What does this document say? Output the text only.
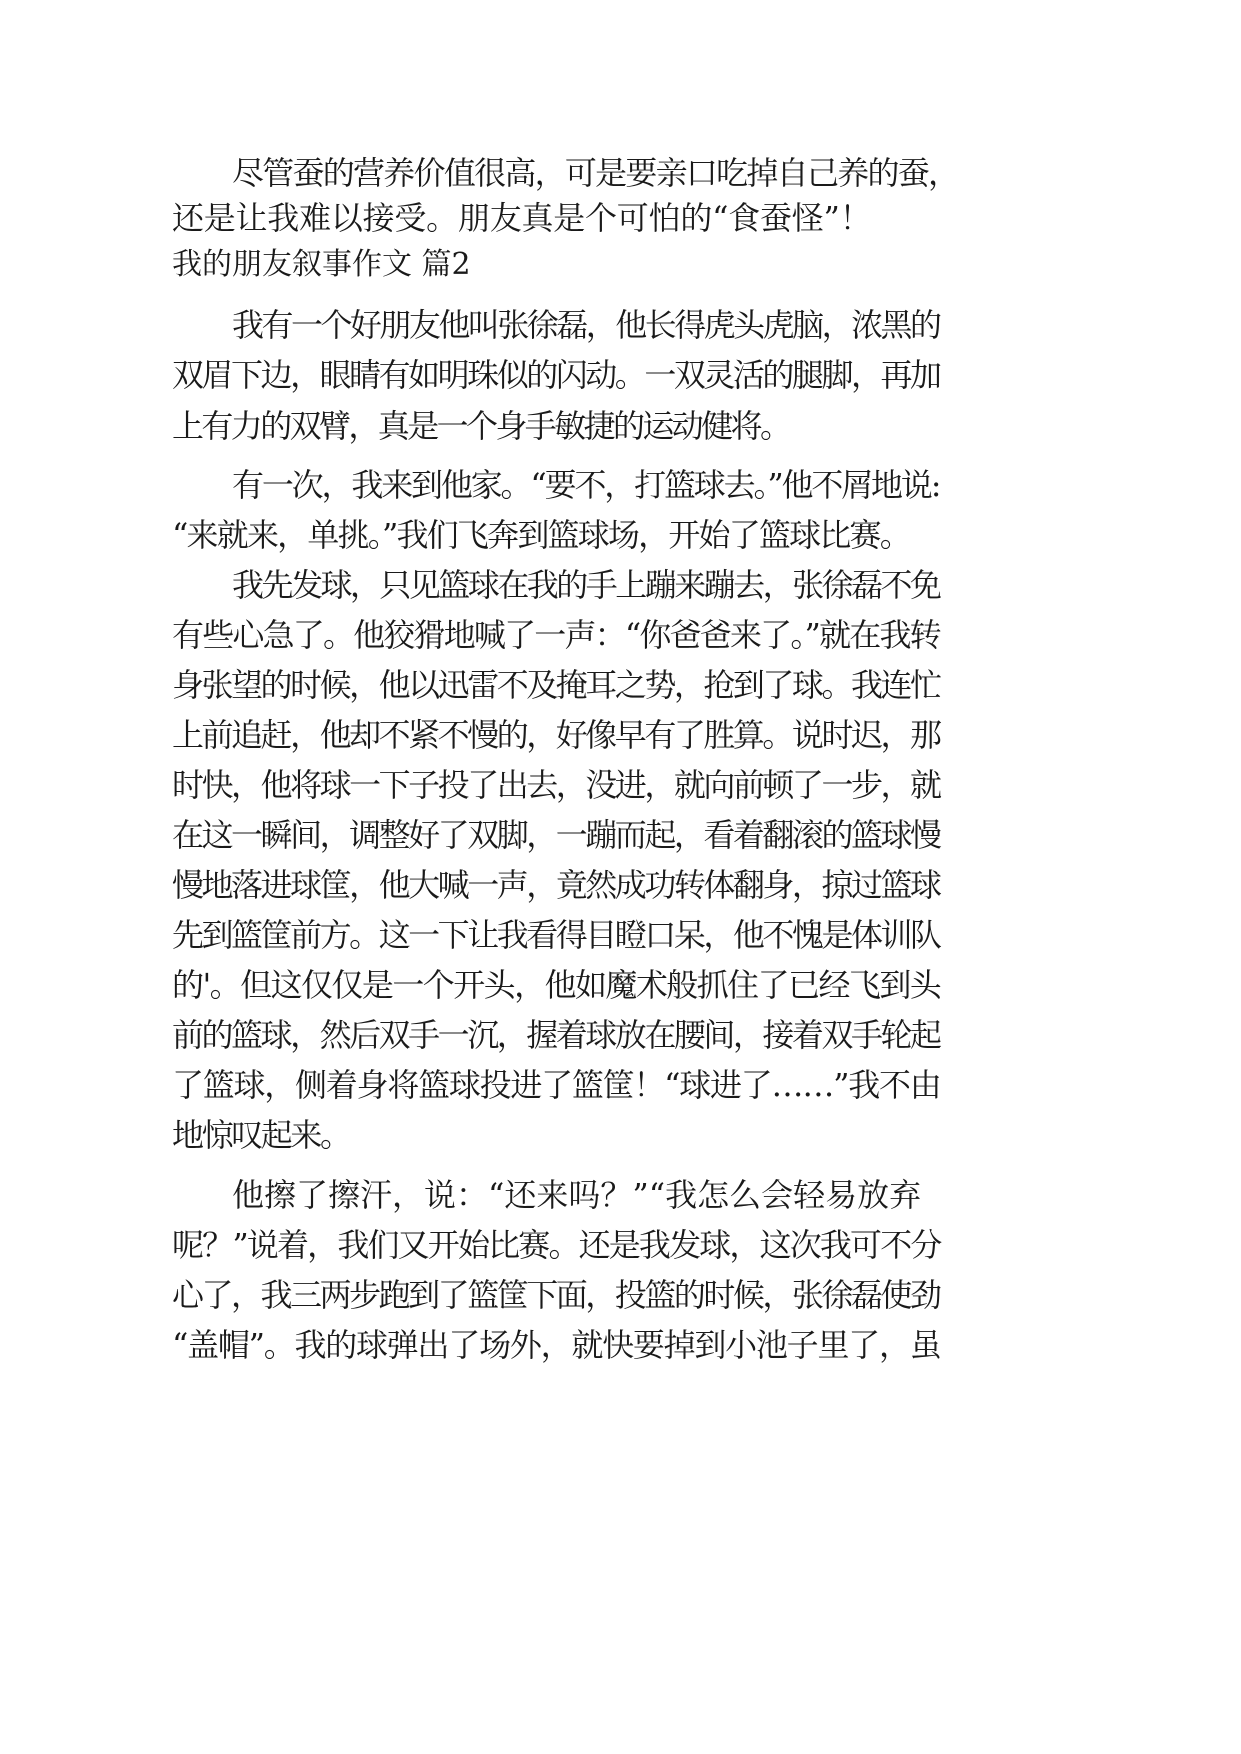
尽管蚕的营养价值很高，可是要亲口吃掉自己养的蚕，
还是让我难以接受。朋友真是个可怕的“食蚕怪”！
我的朋友叙事作文 篇2
我有一个好朋友他叫张徐磊，他长得虎头虎脑，浓黑的
双眉下边，眼睛有如明珠似的闪动。一双灵活的腿脚，再加
上有力的双臂，真是一个身手敏捷的运动健将。
有一次，我来到他家。“要不，打篮球去。”他不屑地说:
“来就来，单挑。”我们飞奔到篮球场，开始了篮球比赛。
我先发球，只见篮球在我的手上蹦来蹦去，张徐磊不免
有些心急了。他狡猾地喊了一声：“你爸爸来了。”就在我转
身张望的时候，他以迅雷不及掩耳之势，抢到了球。我连忙
上前追赶，他却不紧不慢的，好像早有了胜算。说时迟，那
时快，他将球一下子投了出去，没进，就向前顿了一步，就
在这一瞬间，调整好了双脚，一蹦而起，看着翻滚的篮球慢
慢地落进球筐，他大喊一声，竟然成功转体翻身，掠过篮球
先到篮筐前方。这一下让我看得目瞪口呆，他不愧是体训队
的'。但这仅仅是一个开头，他如魔术般抓住了已经飞到头
前的篮球，然后双手一沉，握着球放在腰间，接着双手轮起
了篮球，侧着身将篮球投进了篮筐！“球进了……”我不由
地惊叹起来。
他擦了擦汗，说：“还来吗？”“我怎么会轻易放弃
呢？”说着，我们又开始比赛。还是我发球，这次我可不分
心了，我三两步跑到了篮筐下面，投篮的时候，张徐磊使劲
“盖帽”。我的球弹出了场外，就快要掉到小池子里了，虽
